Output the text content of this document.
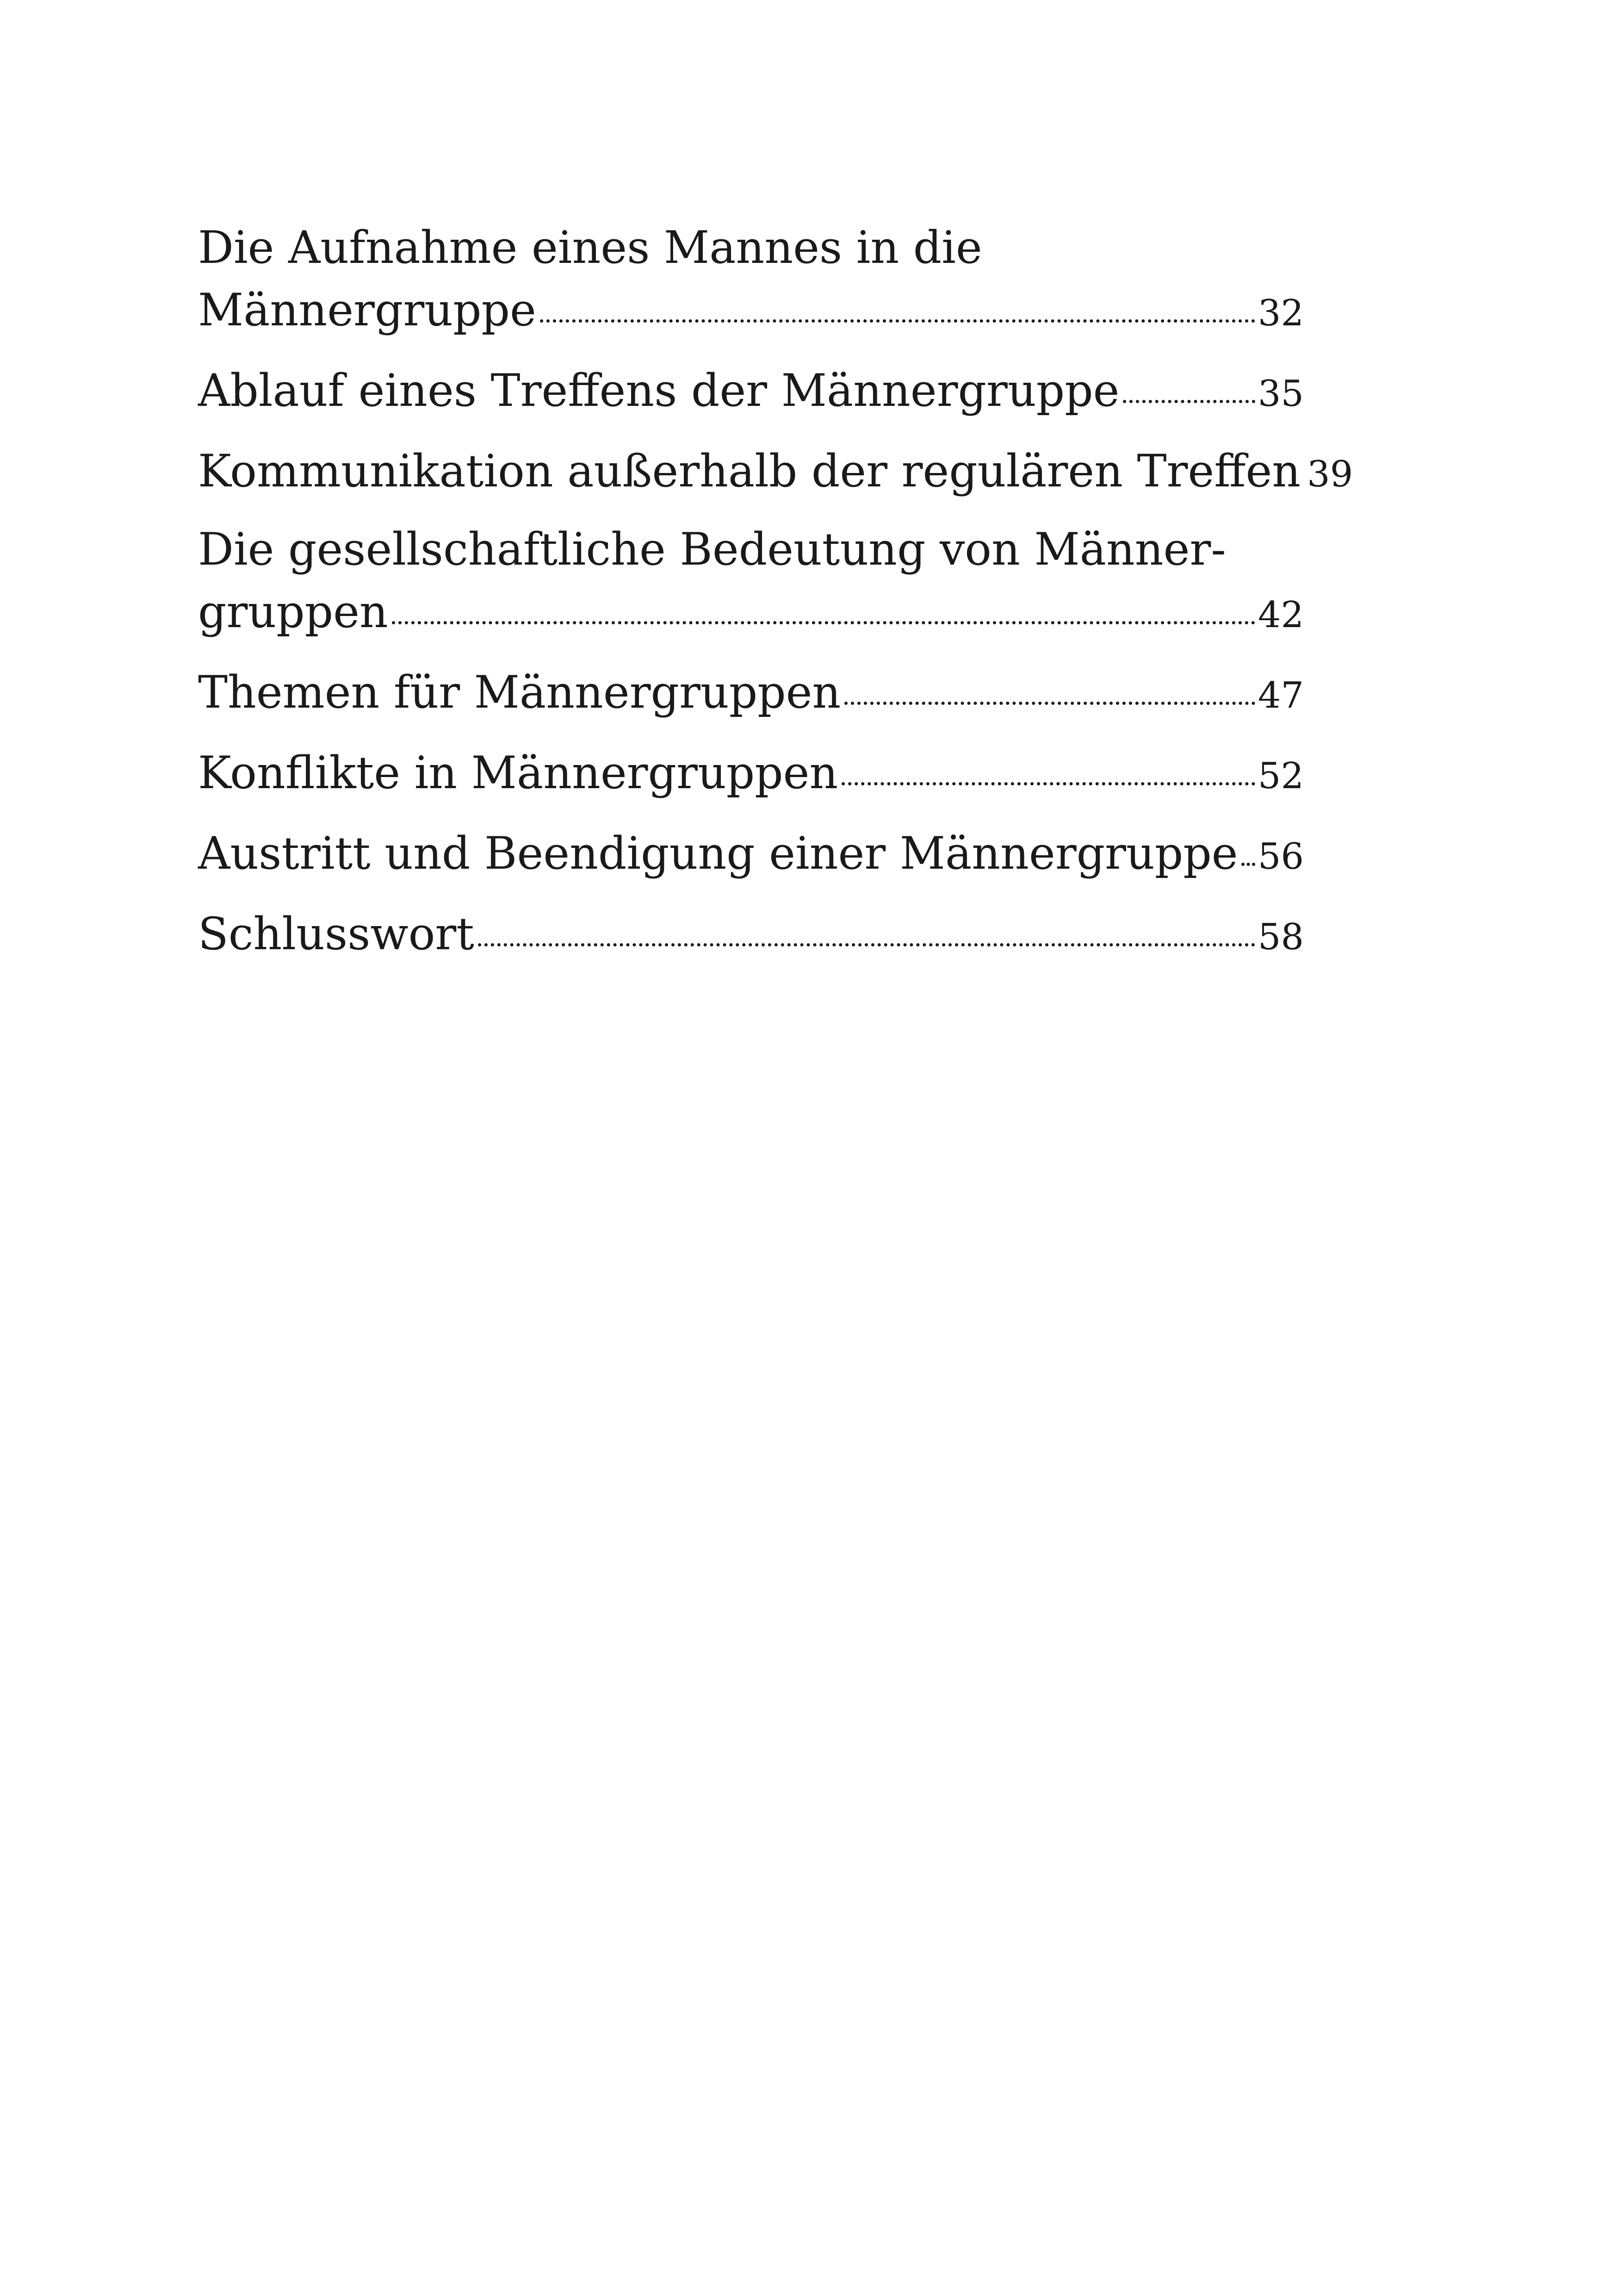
Die Aufnahme eines Mannes in die
Männergruppe	32
Ablauf eines Treffens der Männergruppe	35
Kommunikation außerhalb der regulären Treffen 39
Die gesellschaftliche Bedeutung von Männer-
gruppen	42
Themen für Männergruppen	47
Konflikte in Männergruppen	52
Austritt und Beendigung einer Männergruppe 56
Schlusswort	58
